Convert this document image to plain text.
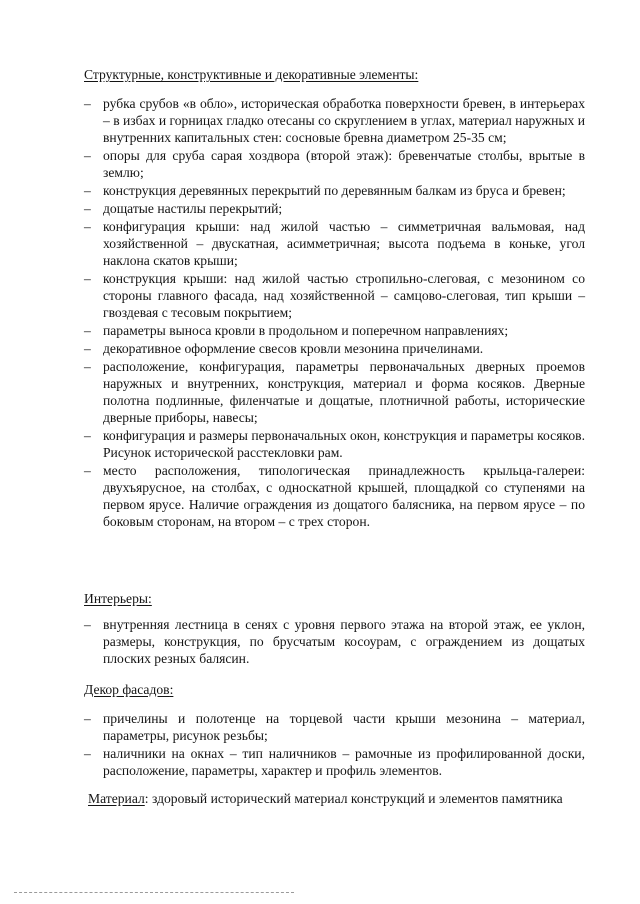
Структурные, конструктивные и декоративные элементы:
– рубка срубов «в обло», историческая обработка поверхности бревен, в интерьерах – в избах и горницах гладко отесаны со скруглением в углах, материал наружных и внутренних капитальных стен: сосновые бревна диаметром 25-35 см;
– опоры для сруба сарая хоздвора (второй этаж): бревенчатые столбы, врытые в землю;
– конструкция деревянных перекрытий по деревянным балкам из бруса и бревен;
– дощатые настилы перекрытий;
– конфигурация крыши: над жилой частью – симметричная вальмовая, над хозяйственной – двускатная, асимметричная; высота подъема в коньке, угол наклона скатов крыши;
– конструкция крыши: над жилой частью стропильно-слеговая, с мезонином со стороны главного фасада, над хозяйственной – самцово-слеговая, тип крыши – гвоздевая с тесовым покрытием;
– параметры выноса кровли в продольном и поперечном направлениях;
– декоративное оформление свесов кровли мезонина причелинами.
– расположение, конфигурация, параметры первоначальных дверных проемов наружных и внутренних, конструкция, материал и форма косяков. Дверные полотна подлинные, филенчатые и дощатые, плотничной работы, исторические дверные приборы, навесы;
– конфигурация и размеры первоначальных окон, конструкция и параметры косяков. Рисунок исторической расстекловки рам.
– место расположения, типологическая принадлежность крыльца-галереи: двухъярусное, на столбах, с односкатной крышей, площадкой со ступенями на первом ярусе. Наличие ограждения из дощатого балясника, на первом ярусе – по боковым сторонам, на втором – с трех сторон.
Интерьеры:
– внутренняя лестница в сенях с уровня первого этажа на второй этаж, ее уклон, размеры, конструкция, по брусчатым косоурам, с ограждением из дощатых плоских резных балясин.
Декор фасадов:
– причелины и полотенце на торцевой части крыши мезонина – материал, параметры, рисунок резьбы;
– наличники на окнах – тип наличников – рамочные из профилированной доски, расположение, параметры, характер и профиль элементов.
Материал: здоровый исторический материал конструкций и элементов памятника
